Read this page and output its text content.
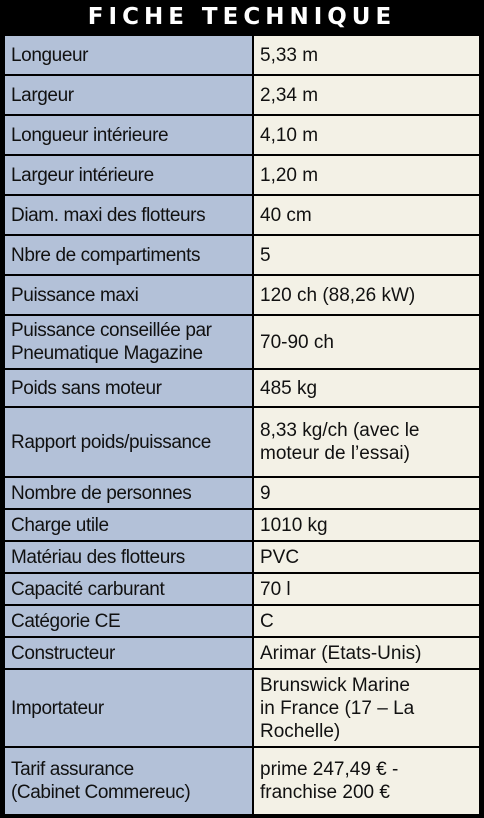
FICHE TECHNIQUE
Longueur	5,33 m

Largeur	2,34 m

Longueur intérieure	4,10 m

Largeur intérieure	1,20 m

Diam. maxi des flotteurs	40 cm

Nbre de compartiments	5

Puissance maxi	120 ch (88,26 kW)

Puissance conseillée par
Pneumatique Magazine	70-90 ch

Poids sans moteur	485 kg

Rapport poids/puissance	8,33 kg/ch (avec le
moteur de l’essai)

Nombre de personnes	9

Charge utile	1010 kg

Matériau des flotteurs	PVC

Capacité carburant	70 l

Catégorie CE	C

Constructeur	Arimar (Etats-Unis)

Importateur	Brunswick Marine
in France (17 – La
Rochelle)

Tarif assurance
(Cabinet Commereuc)	prime 247,49 € -
franchise 200 €
